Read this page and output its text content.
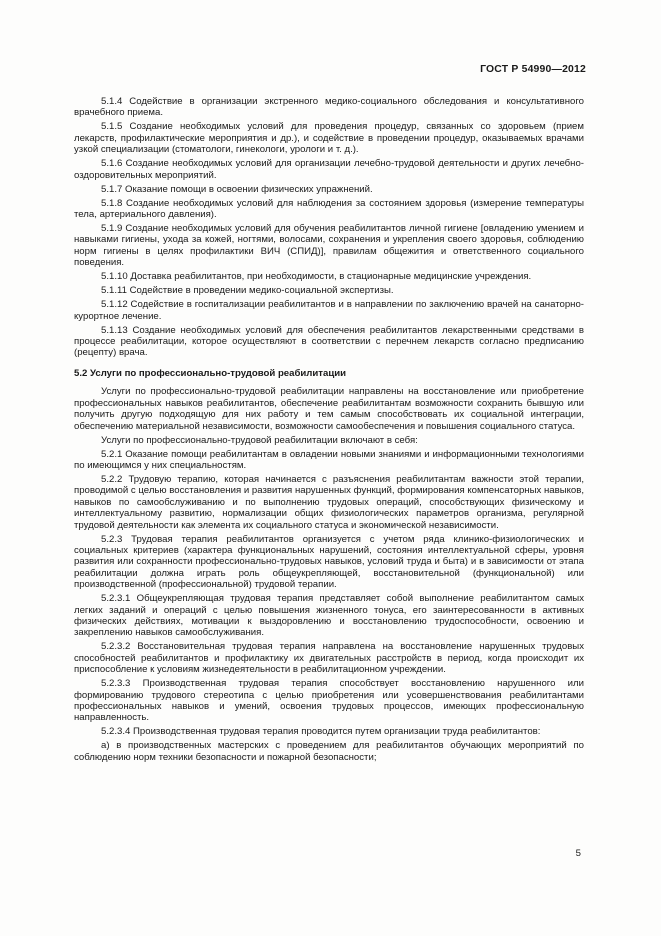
ГОСТ Р 54990—2012

5.1.4 Содействие в организации экстренного медико-социального обследования и консультативного врачебного приема.

5.1.5 Создание необходимых условий для проведения процедур, связанных со здоровьем (прием лекарств, профилактические мероприятия и др.), и содействие в проведении процедур, оказываемых врачами узкой специализации (стоматологи, гинекологи, урологи и т. д.).

5.1.6 Создание необходимых условий для организации лечебно-трудовой деятельности и других лечебно-оздоровительных мероприятий.

5.1.7 Оказание помощи в освоении физических упражнений.

5.1.8 Создание необходимых условий для наблюдения за состоянием здоровья (измерение температуры тела, артериального давления).

5.1.9 Создание необходимых условий для обучения реабилитантов личной гигиене [овладению умением и навыками гигиены, ухода за кожей, ногтями, волосами, сохранения и укрепления своего здоровья, соблюдению норм гигиены в целях профилактики ВИЧ (СПИД)], правилам общежития и ответственного социального поведения.

5.1.10 Доставка реабилитантов, при необходимости, в стационарные медицинские учреждения.

5.1.11 Содействие в проведении медико-социальной экспертизы.

5.1.12 Содействие в госпитализации реабилитантов и в направлении по заключению врачей на санаторно-курортное лечение.

5.1.13 Создание необходимых условий для обеспечения реабилитантов лекарственными средствами в процессе реабилитации, которое осуществляют в соответствии с перечнем лекарств согласно предписанию (рецепту) врача.

5.2 Услуги по профессионально-трудовой реабилитации

Услуги по профессионально-трудовой реабилитации направлены на восстановление или приобретение профессиональных навыков реабилитантов, обеспечение реабилитантам возможности сохранить бывшую или получить другую подходящую для них работу и тем самым способствовать их социальной интеграции, обеспечению материальной независимости, возможности самообеспечения и повышения социального статуса.

Услуги по профессионально-трудовой реабилитации включают в себя:

5.2.1 Оказание помощи реабилитантам в овладении новыми знаниями и информационными технологиями по имеющимся у них специальностям.

5.2.2 Трудовую терапию, которая начинается с разъяснения реабилитантам важности этой терапии, проводимой с целью восстановления и развития нарушенных функций, формирования компенсаторных навыков, навыков по самообслуживанию и по выполнению трудовых операций, способствующих физическому и интеллектуальному развитию, нормализации общих физиологических параметров организма, регулярной трудовой деятельности как элемента их социального статуса и экономической независимости.

5.2.3 Трудовая терапия реабилитантов организуется с учетом ряда клинико-физиологических и социальных критериев (характера функциональных нарушений, состояния интеллектуальной сферы, уровня развития или сохранности профессионально-трудовых навыков, условий труда и быта) и в зависимости от этапа реабилитации должна играть роль общеукрепляющей, восстановительной (функциональной) или производственной (профессиональной) трудовой терапии.

5.2.3.1 Общеукрепляющая трудовая терапия представляет собой выполнение реабилитантом самых легких заданий и операций с целью повышения жизненного тонуса, его заинтересованности в активных физических действиях, мотивации к выздоровлению и восстановлению трудоспособности, освоению и закреплению навыков самообслуживания.

5.2.3.2 Восстановительная трудовая терапия направлена на восстановление нарушенных трудовых способностей реабилитантов и профилактику их двигательных расстройств в период, когда происходит их приспособление к условиям жизнедеятельности в реабилитационном учреждении.

5.2.3.3 Производственная трудовая терапия способствует восстановлению нарушенного или формированию трудового стереотипа с целью приобретения или усовершенствования реабилитантами профессиональных навыков и умений, освоения трудовых процессов, имеющих профессиональную направленность.

5.2.3.4 Производственная трудовая терапия проводится путем организации труда реабилитантов:

а) в производственных мастерских с проведением для реабилитантов обучающих мероприятий по соблюдению норм техники безопасности и пожарной безопасности;

5
